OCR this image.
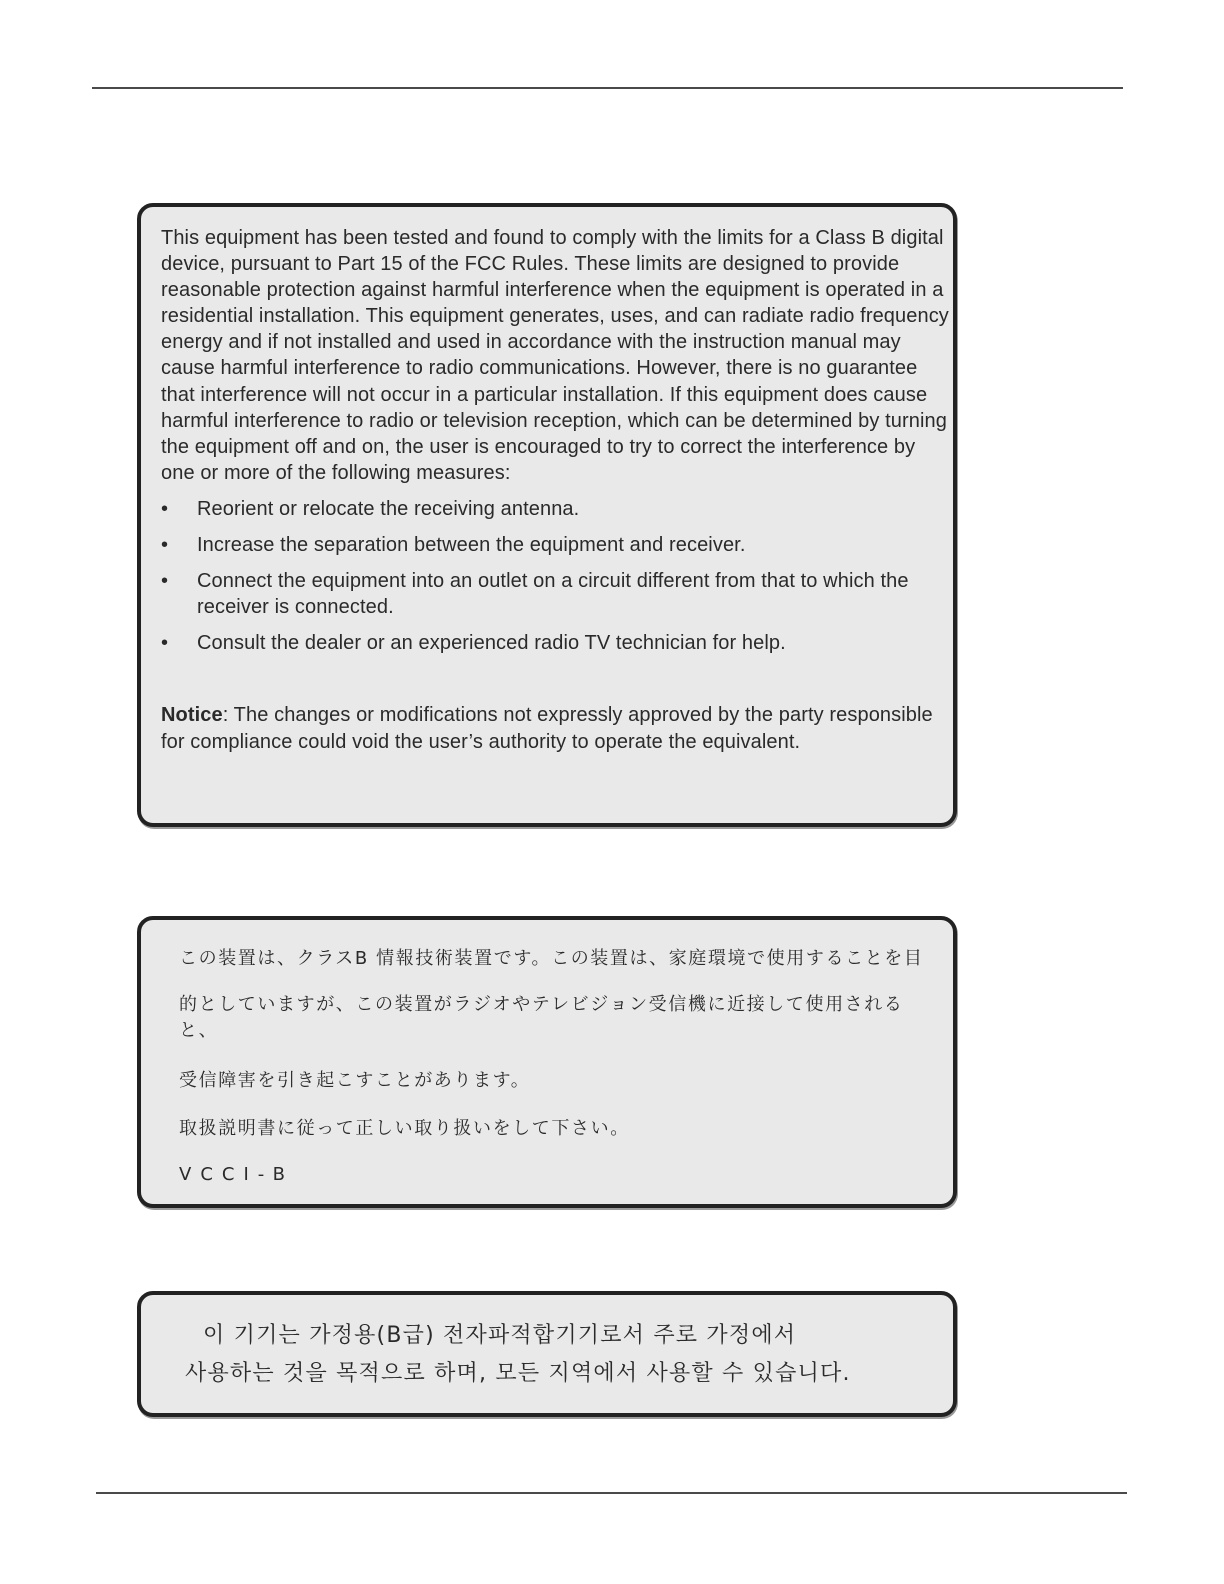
This equipment has been tested and found to comply with the limits for a Class B digital device, pursuant to Part 15 of the FCC Rules. These limits are designed to provide reasonable protection against harmful interference when the equipment is operated in a residential installation. This equipment generates, uses, and can radiate radio frequency energy and if not installed and used in accordance with the instruction manual may cause harmful interference to radio communications. However, there is no guarantee that interference will not occur in a particular installation. If this equipment does cause harmful interference to radio or television reception, which can be determined by turning the equipment off and on, the user is encouraged to try to correct the interference by one or more of the following measures:

• Reorient or relocate the receiving antenna.
• Increase the separation between the equipment and receiver.
• Connect the equipment into an outlet on a circuit different from that to which the receiver is connected.
• Consult the dealer or an experienced radio TV technician for help.

Notice: The changes or modifications not expressly approved by the party responsible for compliance could void the user’s authority to operate the equivalent.

この装置は、クラスB 情報技術装置です。この装置は、家庭環境で使用することを目
的としていますが、この装置がラジオやテレビジョン受信機に近接して使用されると、
受信障害を引き起こすことがあります。
取扱説明書に従って正しい取り扱いをして下さい。
VCCI-B
이 기기는 가정용(B급) 전자파적합기기로서 주로 가정에서
사용하는 것을 목적으로 하며, 모든 지역에서 사용할 수 있습니다.
